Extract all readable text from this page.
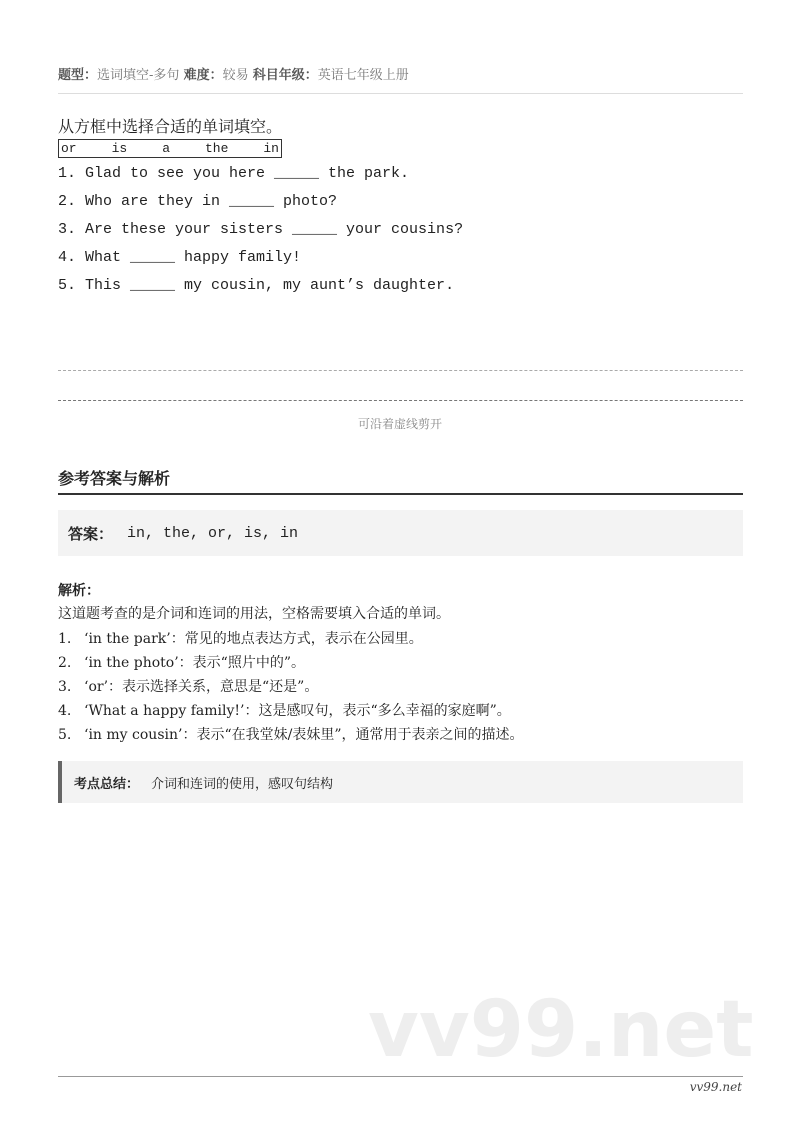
题型：选词填空-多句 难度：较易 科目年级：英语七年级上册
从方框中选择合适的单词填空。
or	is	a	the	in
1. Glad to see you here _____ the park.
2. Who are they in _____ photo?
3. Are these your sisters _____ your cousins?
4. What _____ happy family!
5. This _____ my cousin, my aunt’s daughter.
可沿着虚线剪开
参考答案与解析
答案： in, the, or, is, in
解析：
这道题考查的是介词和连词的用法，空格需要填入合适的单词。
1. ‘in the park’：常见的地点表达方式，表示在公园里。
2. ‘in the photo’：表示“照片中的”。
3. ‘or’：表示选择关系，意思是“还是”。
4. ‘What a happy family!’：这是感叹句，表示“多么幸福的家庭啊”。
5. ‘in my cousin’：表示“在我堂妹/表妹里”，通常用于表亲之间的描述。
考点总结： 介词和连词的使用，感叹句结构
vv99.net
vv99.net
